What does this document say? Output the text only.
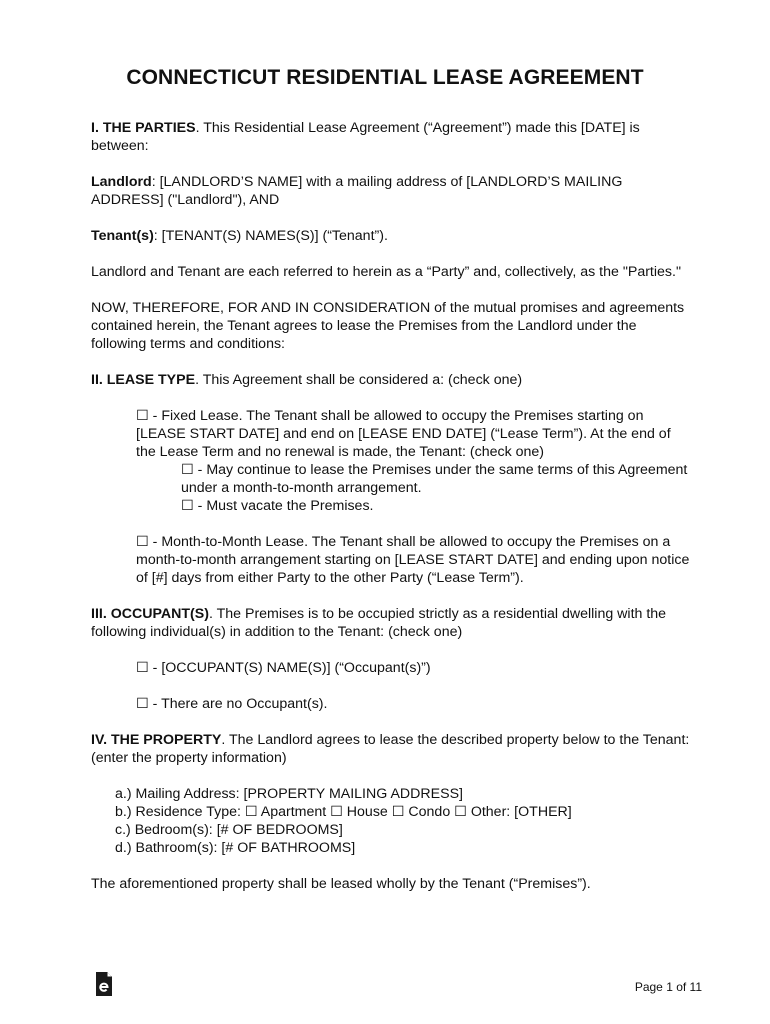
CONNECTICUT RESIDENTIAL LEASE AGREEMENT

I. THE PARTIES. This Residential Lease Agreement (“Agreement”) made this [DATE] is between:

Landlord: [LANDLORD’S NAME] with a mailing address of [LANDLORD’S MAILING ADDRESS] ("Landlord"), AND

Tenant(s): [TENANT(S) NAMES(S)] (“Tenant”).

Landlord and Tenant are each referred to herein as a “Party” and, collectively, as the "Parties."

NOW, THEREFORE, FOR AND IN CONSIDERATION of the mutual promises and agreements contained herein, the Tenant agrees to lease the Premises from the Landlord under the following terms and conditions:

II. LEASE TYPE. This Agreement shall be considered a: (check one)

☐ - Fixed Lease. The Tenant shall be allowed to occupy the Premises starting on [LEASE START DATE] and end on [LEASE END DATE] (“Lease Term”). At the end of the Lease Term and no renewal is made, the Tenant: (check one)

☐ - May continue to lease the Premises under the same terms of this Agreement under a month-to-month arrangement.

☐ - Must vacate the Premises.

☐ - Month-to-Month Lease. The Tenant shall be allowed to occupy the Premises on a month-to-month arrangement starting on [LEASE START DATE] and ending upon notice of [#] days from either Party to the other Party (“Lease Term”).

III. OCCUPANT(S). The Premises is to be occupied strictly as a residential dwelling with the following individual(s) in addition to the Tenant: (check one)

☐ - [OCCUPANT(S) NAME(S)] (“Occupant(s)”)

☐ - There are no Occupant(s).

IV. THE PROPERTY. The Landlord agrees to lease the described property below to the Tenant: (enter the property information)

a.) Mailing Address: [PROPERTY MAILING ADDRESS]

b.) Residence Type: ☐ Apartment ☐ House ☐ Condo ☐ Other: [OTHER]

c.) Bedroom(s): [# OF BEDROOMS]

d.) Bathroom(s): [# OF BATHROOMS]

The aforementioned property shall be leased wholly by the Tenant (“Premises”).

Page 1 of 11
